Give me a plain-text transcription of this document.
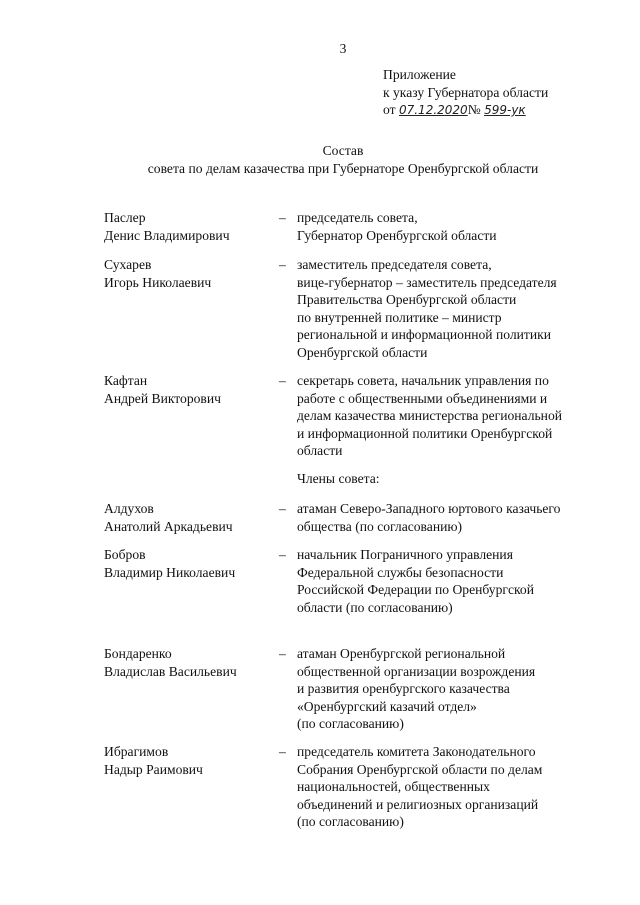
3
Приложение
к указу Губернатора области
от 07.12.2020№ 599-ук
Состав
совета по делам казачества при Губернаторе Оренбургской области
Паслер
Денис Владимирович
– председатель совета,
Губернатор Оренбургской области
Сухарев
Игорь Николаевич
– заместитель председателя совета,
вице-губернатор – заместитель председателя
Правительства Оренбургской области
по внутренней политике – министр
региональной и информационной политики
Оренбургской области
Кафтан
Андрей Викторович
– секретарь совета, начальник управления по
работе с общественными объединениями и
делам казачества министерства региональной
и информационной политики Оренбургской
области
Члены совета:
Алдухов
Анатолий Аркадьевич
– атаман Северо-Западного юртового казачьего
общества (по согласованию)
Бобров
Владимир Николаевич
– начальник Пограничного управления
Федеральной службы безопасности
Российской Федерации по Оренбургской
области (по согласованию)
Бондаренко
Владислав Васильевич
– атаман Оренбургской региональной
общественной организации возрождения
и развития оренбургского казачества
«Оренбургский казачий отдел»
(по согласованию)
Ибрагимов
Надыр Раимович
– председатель комитета Законодательного
Собрания Оренбургской области по делам
национальностей, общественных
объединений и религиозных организаций
(по согласованию)
